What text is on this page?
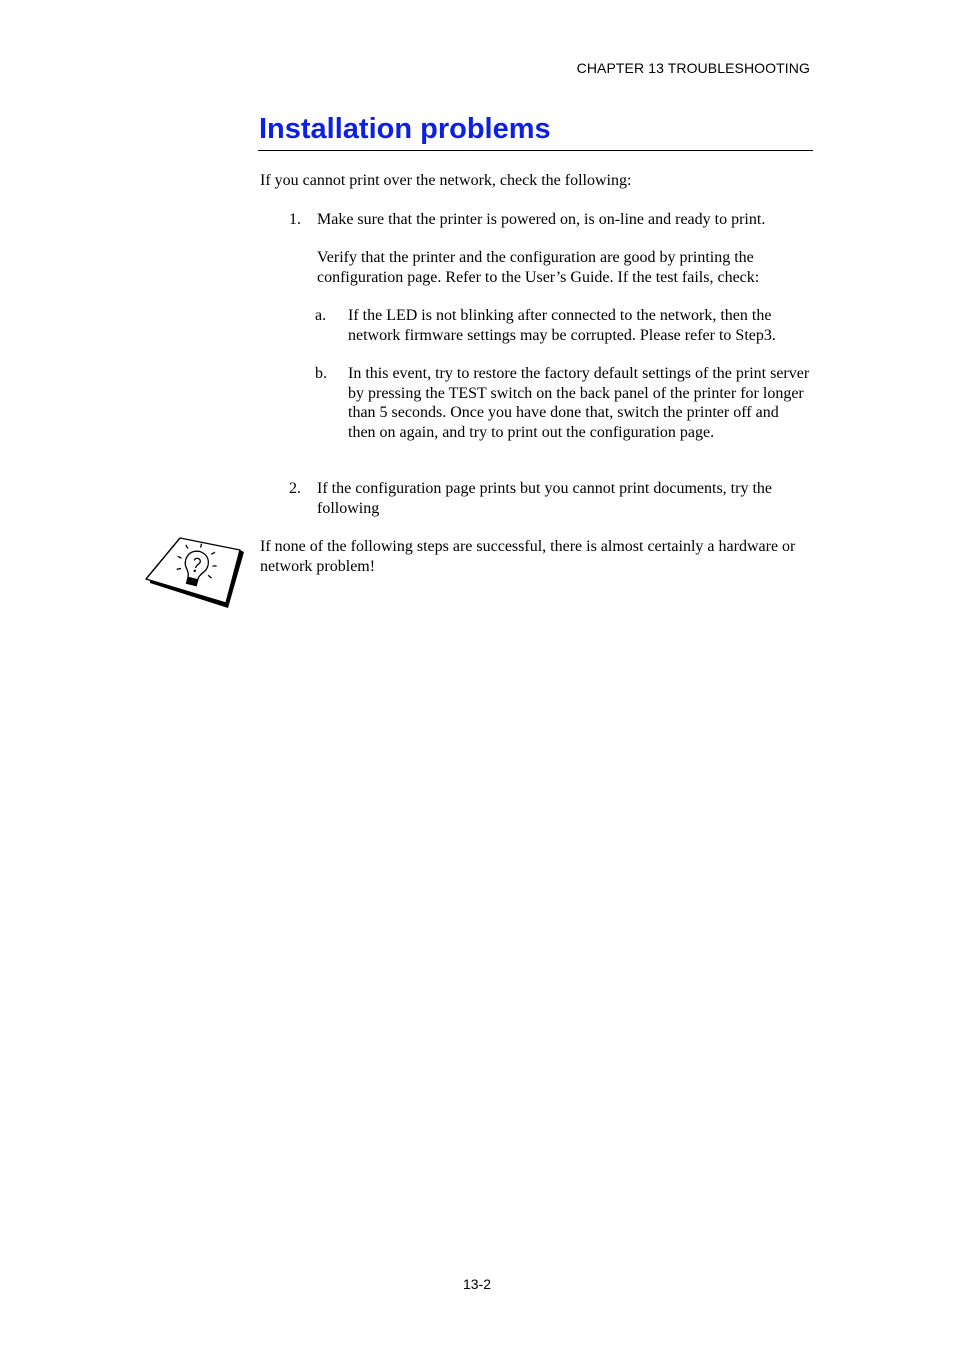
CHAPTER 13 TROUBLESHOOTING
Installation problems

If you cannot print over the network, check the following:

1. Make sure that the printer is powered on, is on-line and ready to print.

Verify that the printer and the configuration are good by printing the configuration page. Refer to the User’s Guide. If the test fails, check:

a. If the LED is not blinking after connected to the network, then the network firmware settings may be corrupted. Please refer to Step3.
b. In this event, try to restore the factory default settings of the print server by pressing the TEST switch on the back panel of the printer for longer than 5 seconds. Once you have done that, switch the printer off and then on again, and try to print out the configuration page.
2. If the configuration page prints but you cannot print documents, try the following

If none of the following steps are successful, there is almost certainly a hardware or network problem!

13-2
